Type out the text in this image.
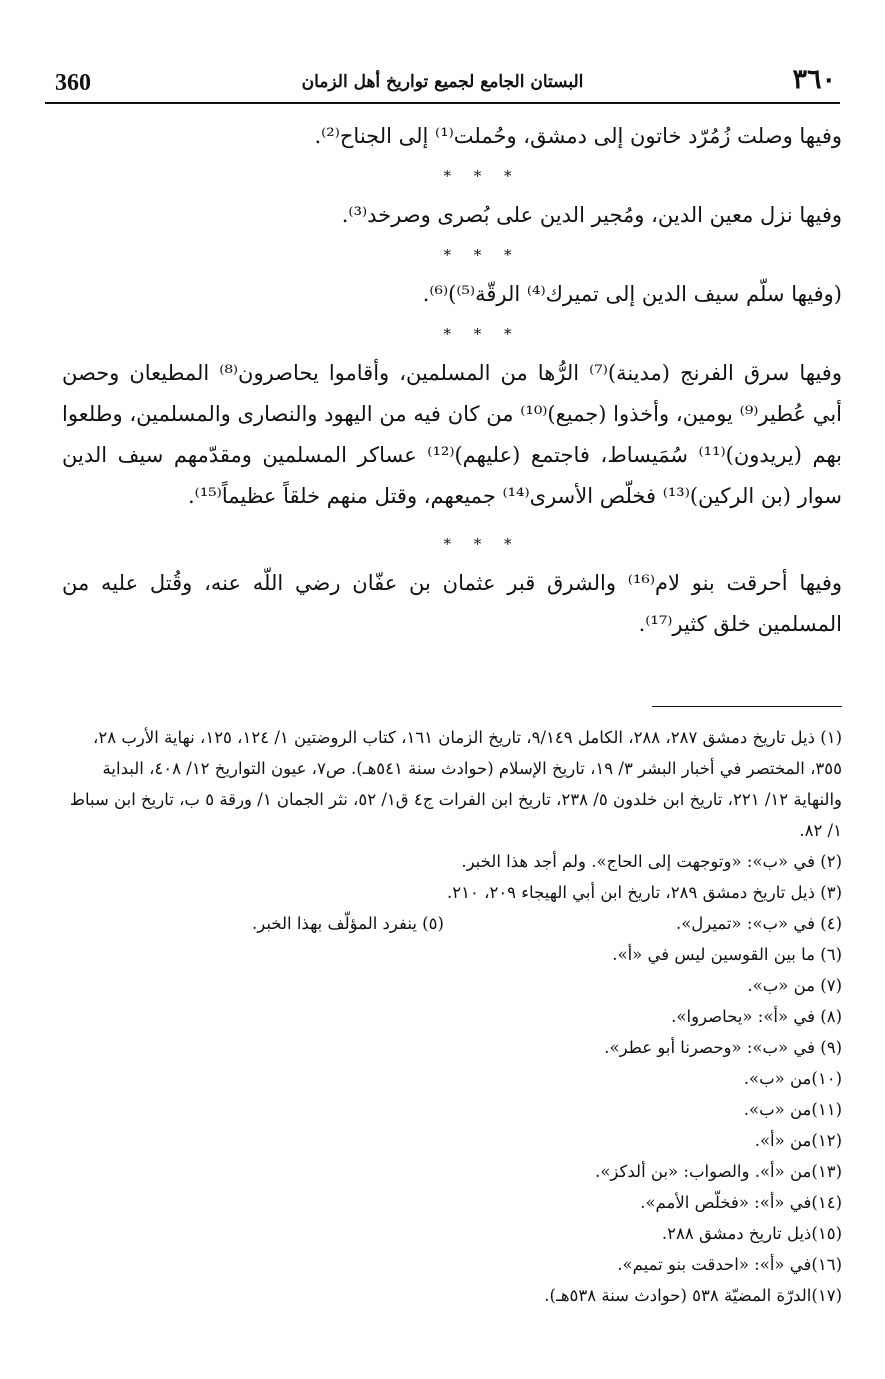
360	البستان الجامع لجميع تواريخ أهل الزمان	٣٦٠

وفيها وصلت زُمُرّد خاتون إلى دمشق، وحُملت⁽¹⁾ إلى الجناح⁽²⁾.

* * *

وفيها نزل معين الدين، ومُجير الدين على بُصرى وصرخد⁽³⁾.

* * *

(وفيها سلّم سيف الدين إلى تميرك⁽⁴⁾ الرقّة⁽⁵⁾)⁽⁶⁾.

* * *

وفيها سرق الفرنج (مدينة)⁽⁷⁾ الرُّها من المسلمين، وأقاموا يحاصرون⁽⁸⁾ المطيعان وحصن أبي عُطير⁽⁹⁾ يومين، وأخذوا (جميع)⁽¹⁰⁾ من كان فيه من اليهود والنصارى والمسلمين، وطلعوا بهم (يريدون)⁽¹¹⁾ سُمَيساط، فاجتمع (عليهم)⁽¹²⁾ عساكر المسلمين ومقدّمهم سيف الدين سوار (بن الركين)⁽¹³⁾ فخلّص الأسرى⁽¹⁴⁾ جميعهم، وقتل منهم خلقاً عظيماً⁽¹⁵⁾.

* * *

وفيها أحرقت بنو لام⁽¹⁶⁾ والشرق قبر عثمان بن عفّان رضي اللّه عنه، وقُتل عليه من المسلمين خلق كثير⁽¹⁷⁾.

(١) ذيل تاريخ دمشق ٢٨٧، ٢٨٨، الكامل ٩/١٤٩، تاريخ الزمان ١٦١، كتاب الروضتين ١/ ١٢٤، ١٢٥، نهاية الأرب ٢٨، ٣٥٥، المختصر في أخبار البشر ٣/ ١٩، تاريخ الإسلام (حوادث سنة ٥٤١هـ). ص٧، عيون التواريخ ١٢/ ٤٠٨، البداية والنهاية ١٢/ ٢٢١، تاريخ ابن خلدون ٥/ ٢٣٨، تاريخ ابن الفرات ج٤ ق١/ ٥٢، نثر الجمان ١/ ورقة ٥ ب، تاريخ ابن سباط ١/ ٨٢.

(٢) في «ب»: «وتوجهت إلى الحاج». ولم أجد هذا الخبر.

(٣) ذيل تاريخ دمشق ٢٨٩، تاريخ ابن أبي الهيجاء ٢٠٩، ٢١٠.

(٤) في «ب»: «تميرل».

(٥) ينفرد المؤلّف بهذا الخبر.

(٦) ما بين القوسين ليس في «أ».

(٧) من «ب».

(٨) في «أ»: «يحاصروا».

(٩) في «ب»: «وحصرنا أبو عطر».

(١٠)من «ب».

(١١)من «ب».

(١٢)من «أ».

(١٣)من «أ». والصواب: «بن ألدكز».

(١٤)في «أ»: «فخلّص الأمم».

(١٥)ذيل تاريخ دمشق ٢٨٨.

(١٦)في «أ»: «احدقت بنو تميم».

(١٧)الدرّة المضيّة ٥٣٨ (حوادث سنة ٥٣٨هـ).
